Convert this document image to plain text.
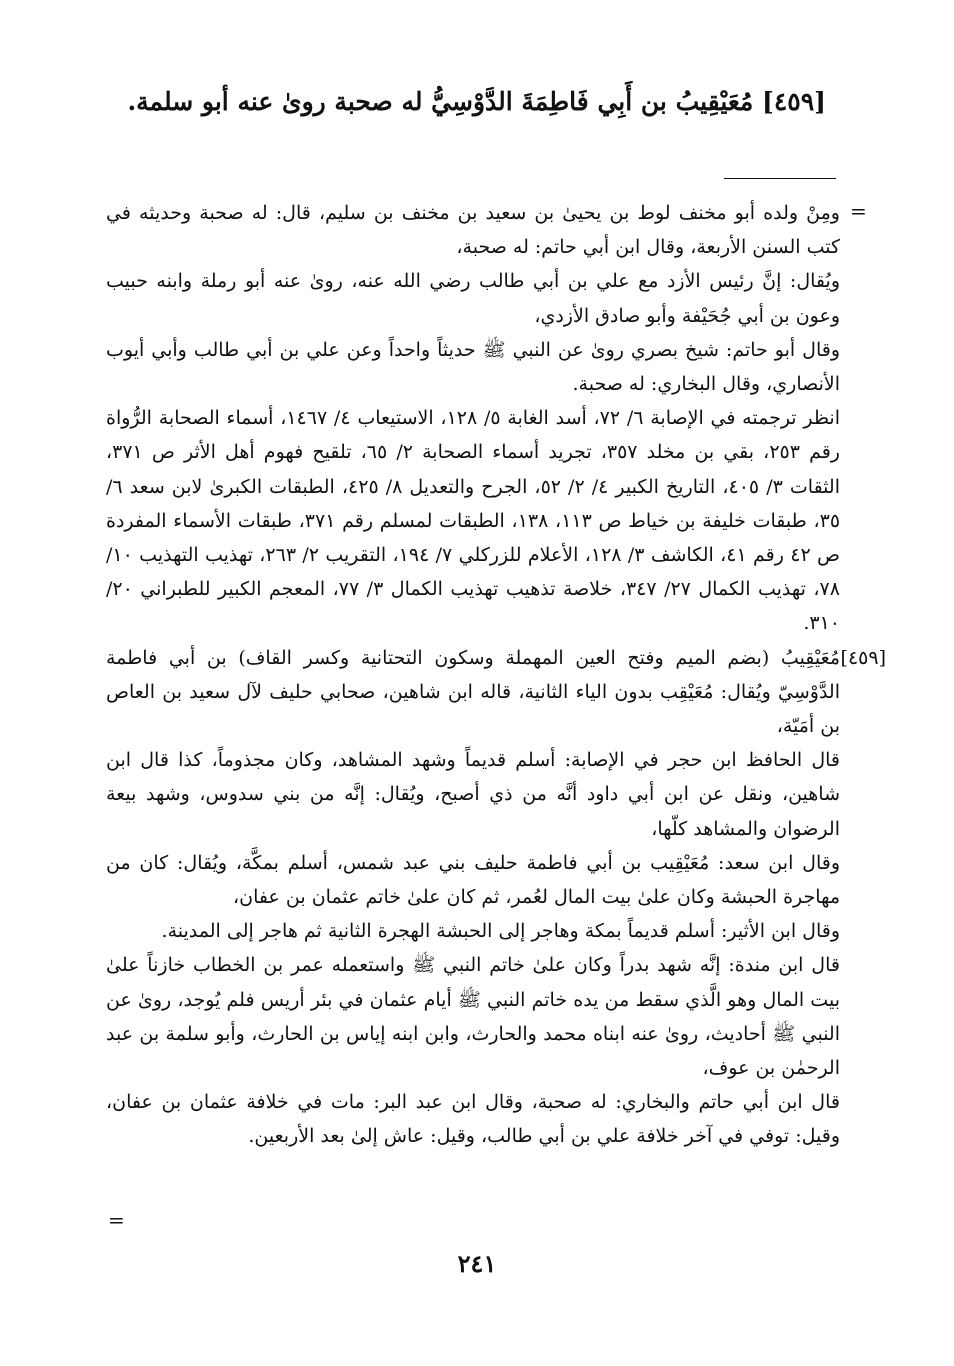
[٤٥٩] مُعَيْقِيبُ بن أَبِي فَاطِمَةَ الدَّوْسِيُّ له صحبة روىٰ عنه أبو سلمة.
=

ومِنْ ولده أبو مخنف لوط بن يحيىٰ بن سعيد بن مخنف بن سليم، قال: له صحبة وحديثه في كتب السنن الأربعة، وقال ابن أبي حاتم: له صحبة،

ويُقال: إنَّ رئيس الأزد مع علي بن أبي طالب رضي الله عنه، روىٰ عنه أبو رملة وابنه حبيب وعون بن أبي جُحَيْفة وأبو صادق الأزدي،

وقال أبو حاتم: شيخ بصري روىٰ عن النبي ﷺ حديثاً واحداً وعن علي بن أبي طالب وأبي أيوب الأنصاري، وقال البخاري: له صحبة.

انظر ترجمته في الإصابة ٦/ ٧٢، أسد الغابة ٥/ ١٢٨، الاستيعاب ٤/ ١٤٦٧، أسماء الصحابة الرُّواة رقم ٢٥٣، بقي بن مخلد ٣٥٧، تجريد أسماء الصحابة ٢/ ٦٥، تلقيح فهوم أهل الأثر ص ٣٧١، الثقات ٣/ ٤٠٥، التاريخ الكبير ٤/ ٢/ ٥٢، الجرح والتعديل ٨/ ٤٢٥، الطبقات الكبرىٰ لابن سعد ٦/ ٣٥، طبقات خليفة بن خياط ص ١١٣، ١٣٨، الطبقات لمسلم رقم ٣٧١، طبقات الأسماء المفردة ص ٤٢ رقم ٤١، الكاشف ٣/ ١٢٨، الأعلام للزركلي ٧/ ١٩٤، التقريب ٢/ ٢٦٣، تهذيب التهذيب ١٠/ ٧٨، تهذيب الكمال ٢٧/ ٣٤٧، خلاصة تذهيب تهذيب الكمال ٣/ ٧٧، المعجم الكبير للطبراني ٢٠/ ٣١٠.

[٤٥٩]

مُعَيْقِيبُ (بضم الميم وفتح العين المهملة وسكون التحتانية وكسر القاف) بن أبي فاطمة الدَّوْسِيّ ويُقال: مُعَيْقِب بدون الياء الثانية، قاله ابن شاهين، صحابي حليف لآل سعيد بن العاص بن أمَيّة،

قال الحافظ ابن حجر في الإصابة: أسلم قديماً وشهد المشاهد، وكان مجذوماً، كذا قال ابن شاهين، ونقل عن ابن أبي داود أنَّه من ذي أصبح، ويُقال: إنَّه من بني سدوس، وشهد بيعة الرضوان والمشاهد كلّها،

وقال ابن سعد: مُعَيْقِيب بن أبي فاطمة حليف بني عبد شمس، أسلم بمكَّة، ويُقال: كان من مهاجرة الحبشة وكان علىٰ بيت المال لعُمر، ثم كان علىٰ خاتم عثمان بن عفان،

وقال ابن الأثير: أسلم قديماً بمكة وهاجر إلى الحبشة الهجرة الثانية ثم هاجر إلى المدينة.

قال ابن مندة: إنَّه شهد بدراً وكان علىٰ خاتم النبي ﷺ واستعمله عمر بن الخطاب خازناً علىٰ بيت المال وهو الَّذي سقط من يده خاتم النبي ﷺ أيام عثمان في بئر أريس فلم يُوجد، روىٰ عن النبي ﷺ أحاديث، روىٰ عنه ابناه محمد والحارث، وابن ابنه إياس بن الحارث، وأبو سلمة بن عبد الرحمٰن بن عوف،

قال ابن أبي حاتم والبخاري: له صحبة، وقال ابن عبد البر: مات في خلافة عثمان بن عفان، وقيل: توفي في آخر خلافة علي بن أبي طالب، وقيل: عاش إلىٰ بعد الأربعين.

=
٢٤١
